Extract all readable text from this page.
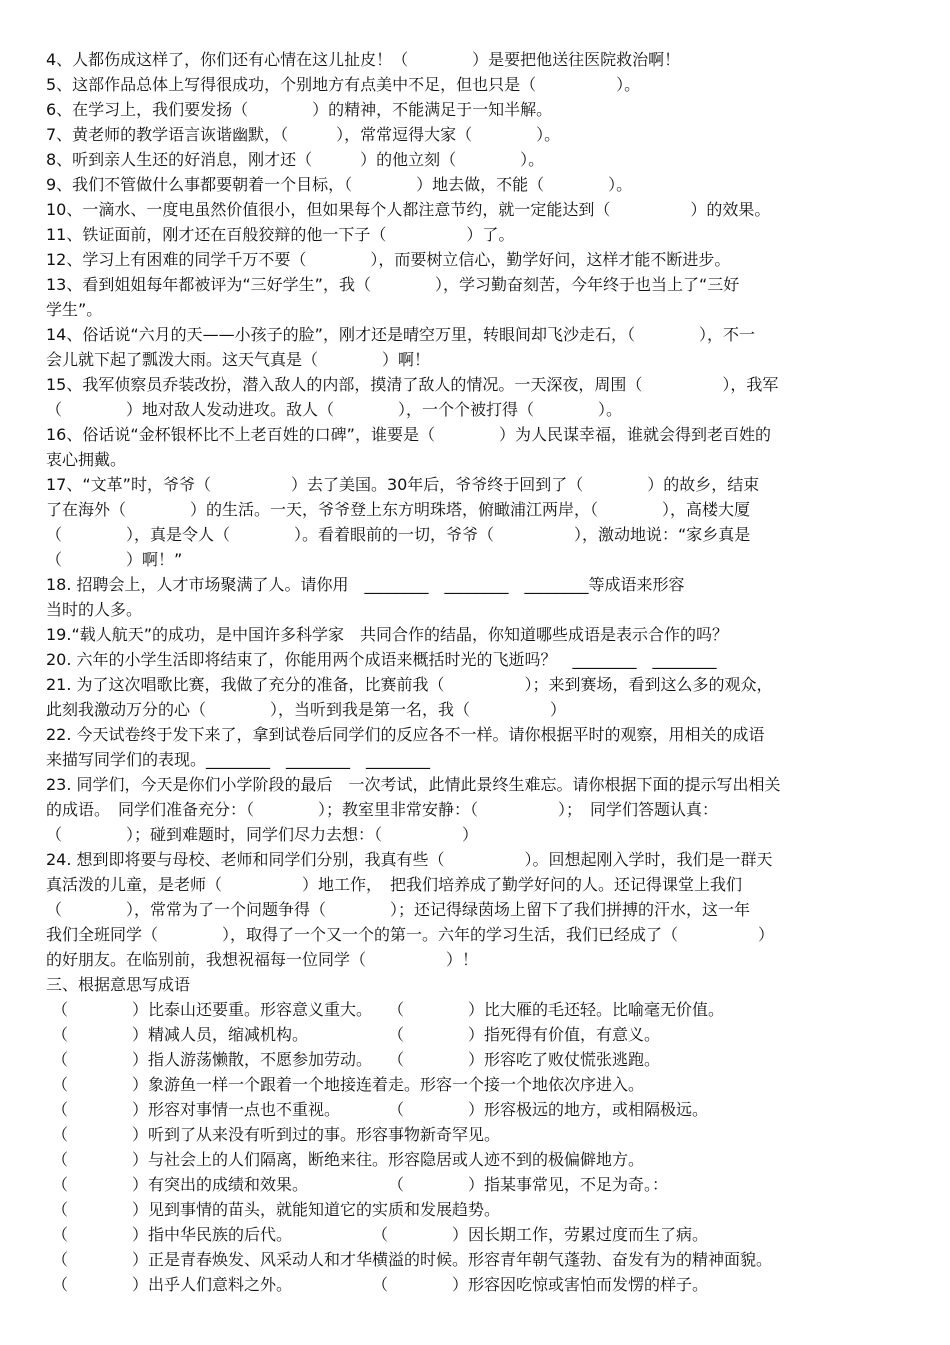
4、人都伤成这样了，你们还有心情在这儿扯皮！（　　　　）是要把他送往医院救治啊！
5、这部作品总体上写得很成功，个别地方有点美中不足，但也只是（　　　　　）。
6、在学习上，我们要发扬（　　　　）的精神，不能满足于一知半解。
7、黄老师的教学语言诙谐幽默，（　　　），常常逗得大家（　　　　）。
8、听到亲人生还的好消息，刚才还（　　　）的他立刻（　　　　）。
9、我们不管做什么事都要朝着一个目标，（　　　　）地去做，不能（　　　　）。
10、一滴水、一度电虽然价值很小，但如果每个人都注意节约，就一定能达到（　　　　　）的效果。
11、铁证面前，刚才还在百般狡辩的他一下子（　　　　　）了。
12、学习上有困难的同学千万不要（　　　　），而要树立信心，勤学好问，这样才能不断进步。
13、看到姐姐每年都被评为“三好学生”，我（　　　　），学习勤奋刻苦，今年终于也当上了“三好
学生”。
14、俗话说“六月的天——小孩子的脸”，刚才还是晴空万里，转眼间却飞沙走石，（　　　　），不一
会儿就下起了瓢泼大雨。这天气真是（　　　　）啊！
15、我军侦察员乔装改扮，潜入敌人的内部，摸清了敌人的情况。一天深夜，周围（　　　　　），我军
（　　　　）地对敌人发动进攻。敌人（　　　　），一个个被打得（　　　　）。
16、俗话说“金杯银杯比不上老百姓的口碑”，谁要是（　　　　）为人民谋幸福，谁就会得到老百姓的
衷心拥戴。
17、“文革”时，爷爷（　　　　　）去了美国。30年后，爷爷终于回到了（　　　　）的故乡，结束
了在海外（　　　　）的生活。一天，爷爷登上东方明珠塔，俯瞰浦江两岸，（　　　　），高楼大厦
（　　　　），真是令人（　　　　）。看着眼前的一切，爷爷（　　　　　），激动地说：“家乡真是
（　　　　）啊！”
18. 招聘会上，人才市场聚满了人。请你用　________　________　________等成语来形容
当时的人多。
19.“载人航天”的成功，是中国许多科学家　共同合作的结晶，你知道哪些成语是表示合作的吗？
20. 六年的小学生活即将结束了，你能用两个成语来概括时光的飞逝吗？　________　________
21. 为了这次唱歌比赛，我做了充分的准备，比赛前我（　　　　　）；来到赛场，看到这么多的观众，
此刻我激动万分的心（　　　　），当听到我是第一名，我（　　　　　）
22. 今天试卷终于发下来了，拿到试卷后同学们的反应各不一样。请你根据平时的观察，用相关的成语
来描写同学们的表现。________　________　________
23. 同学们，今天是你们小学阶段的最后　一次考试，此情此景终生难忘。请你根据下面的提示写出相关
的成语。　同学们准备充分：（　　　　）；教室里非常安静：（　　　　　）；　同学们答题认真：
（　　　　）；碰到难题时，同学们尽力去想：（　　　　　）
24. 想到即将要与母校、老师和同学们分别，我真有些（　　　　　）。回想起刚入学时，我们是一群天
真活泼的儿童，是老师（　　　　　）地工作，　把我们培养成了勤学好问的人。还记得课堂上我们
（　　　　），常常为了一个问题争得（　　　　）；还记得绿茵场上留下了我们拼搏的汗水，这一年
我们全班同学（　　　　），取得了一个又一个的第一。六年的学习生活，我们已经成了（　　　　　）
的好朋友。在临别前，我想祝福每一位同学（　　　　　）！
三、根据意思写成语
（　　　　）比泰山还要重。形容意义重大。　　（　　　　）比大雁的毛还轻。比喻毫无价值。
（　　　　）精减人员，缩减机构。　　　　　　（　　　　）指死得有价值，有意义。
（　　　　）指人游荡懒散，不愿参加劳动。　　（　　　　）形容吃了败仗慌张逃跑。
（　　　　）象游鱼一样一个跟着一个地接连着走。形容一个接一个地依次序进入。
（　　　　）形容对事情一点也不重视。　　　　（　　　　）形容极远的地方，或相隔极远。
（　　　　）听到了从来没有听到过的事。形容事物新奇罕见。
（　　　　）与社会上的人们隔离，断绝来往。形容隐居或人迹不到的极偏僻地方。
（　　　　）有突出的成绩和效果。　　　　　　（　　　　）指某事常见，不足为奇。：
（　　　　）见到事情的苗头，就能知道它的实质和发展趋势。
（　　　　）指中华民族的后代。　　　　　　（　　　　）因长期工作，劳累过度而生了病。
（　　　　）正是青春焕发、风采动人和才华横溢的时候。形容青年朝气蓬勃、奋发有为的精神面貌。
（　　　　）出乎人们意料之外。　　　　　　（　　　　）形容因吃惊或害怕而发愣的样子。
